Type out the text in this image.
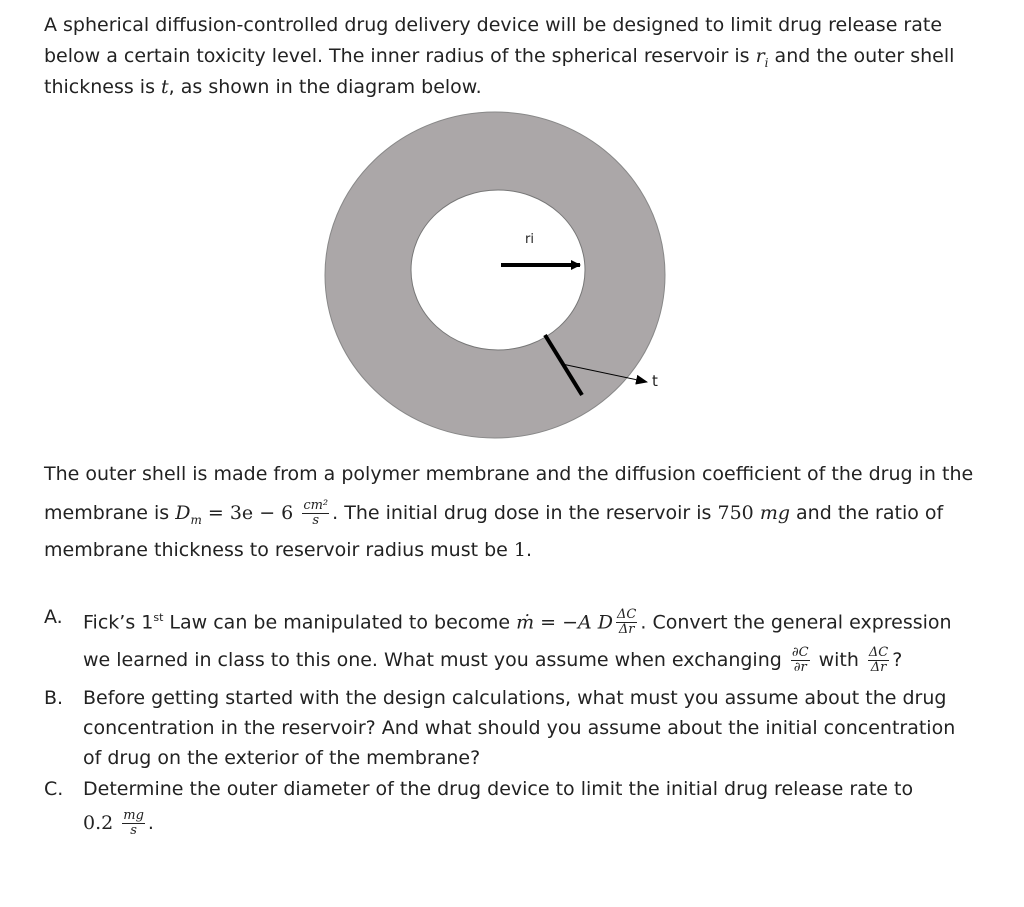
A spherical diffusion-controlled drug delivery device will be designed to limit drug release rate
below a certain toxicity level. The inner radius of the spherical reservoir is $r_i$ and the outer shell
thickness is t, as shown in the diagram below.
ri
t
The outer shell is made from a polymer membrane and the diffusion coefficient of the drug in the
membrane is $D_m = 3e - 6 \frac{\text{cm²}}{s}$ . The initial drug dose in the reservoir is 750 mg and the ratio of
membrane thickness to reservoir radius must be 1.
A. Fick’s 1st Law can be manipulated to become ṁ = −A D $\frac{\Delta C}{\Delta r}$ . Convert the general expression
we learned in class to this one. What must you assume when exchanging $\frac{\partial C}{\partial r}$ with $\frac{\Delta C}{\Delta r}$ ?
B. Before getting started with the design calculations, what must you assume about the drug
concentration in the reservoir? And what should you assume about the initial concentration
of drug on the exterior of the membrane?
C. Determine the outer diameter of the drug device to limit the initial drug release rate to
$0.2 \frac{mg}{s}$ .
